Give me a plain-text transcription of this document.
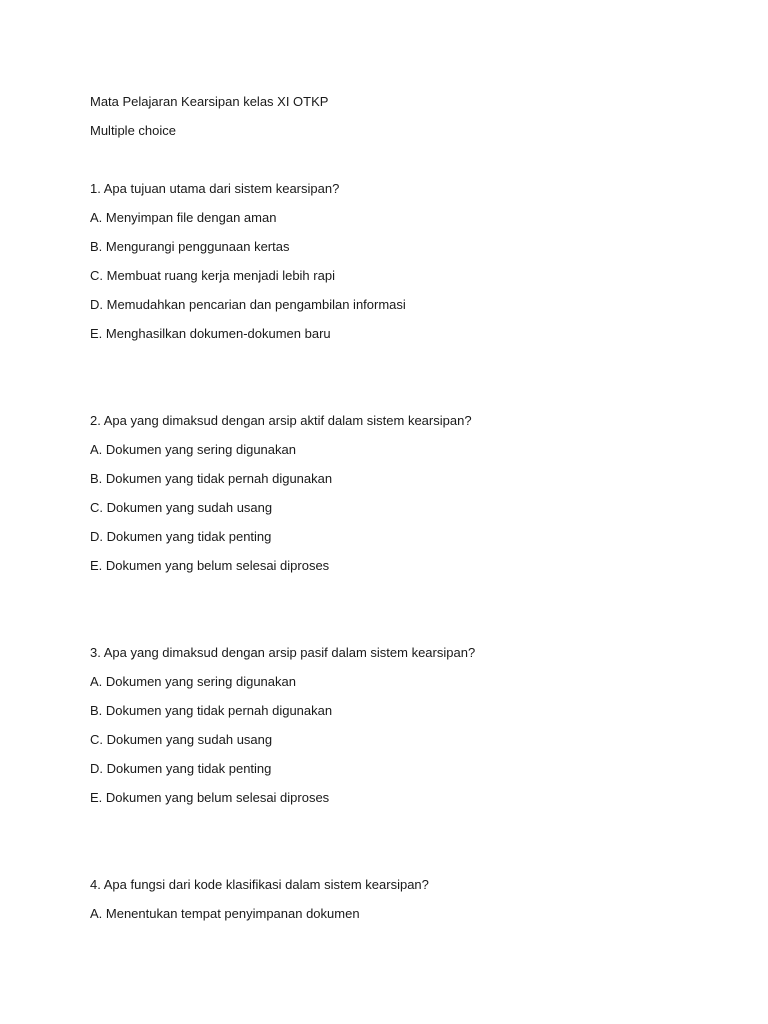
Mata Pelajaran Kearsipan kelas XI OTKP
Multiple choice
1. Apa tujuan utama dari sistem kearsipan?
A. Menyimpan file dengan aman
B. Mengurangi penggunaan kertas
C. Membuat ruang kerja menjadi lebih rapi
D. Memudahkan pencarian dan pengambilan informasi
E. Menghasilkan dokumen-dokumen baru
2. Apa yang dimaksud dengan arsip aktif dalam sistem kearsipan?
A. Dokumen yang sering digunakan
B. Dokumen yang tidak pernah digunakan
C. Dokumen yang sudah usang
D. Dokumen yang tidak penting
E. Dokumen yang belum selesai diproses
3. Apa yang dimaksud dengan arsip pasif dalam sistem kearsipan?
A. Dokumen yang sering digunakan
B. Dokumen yang tidak pernah digunakan
C. Dokumen yang sudah usang
D. Dokumen yang tidak penting
E. Dokumen yang belum selesai diproses
4. Apa fungsi dari kode klasifikasi dalam sistem kearsipan?
A. Menentukan tempat penyimpanan dokumen
